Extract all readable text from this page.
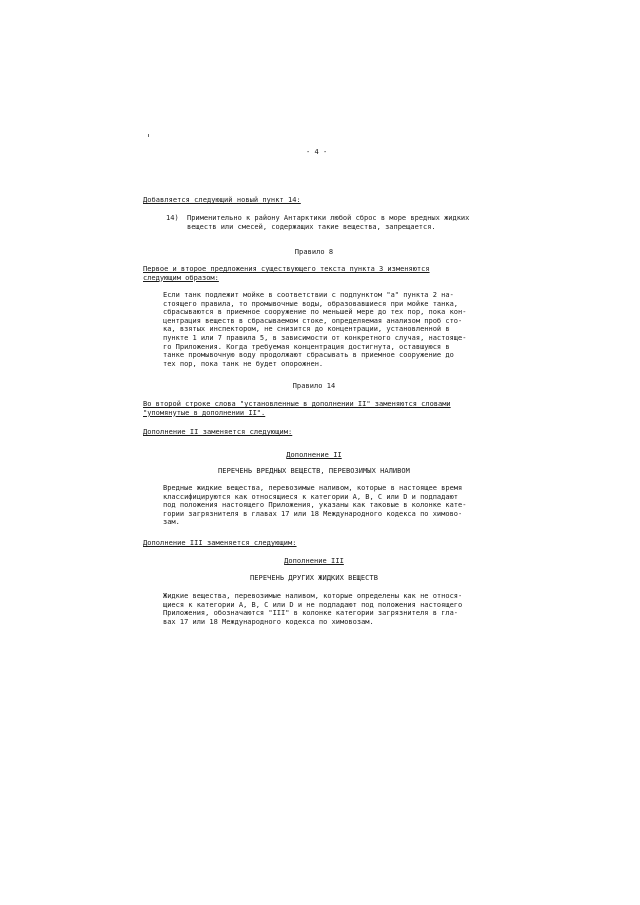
- 4 -
Добавляется следующий новый пункт 14:
14) Применительно к району Антарктики любой сброс в море вредных жидких
веществ или смесей, содержащих такие вещества, запрещается.
Правило 8
Первое и второе предложения существующего текста пункта 3 изменяются
следующим образом:
Если танк подлежит мойке в соответствии с подпунктом "а" пункта 2 на-
стоящего правила, то промывочные воды, образовавшиеся при мойке танка,
сбрасываются в приемное сооружение по меньшей мере до тех пор, пока кон-
центрация веществ в сбрасываемом стоке, определяемая анализом проб сто-
ка, взятых инспектором, не снизится до концентрации, установленной в
пункте 1 или 7 правила 5, в зависимости от конкретного случая, настояще-
го Приложения. Когда требуемая концентрация достигнута, оставшуюся в
танке промывочную воду продолжают сбрасывать в приемное сооружение до
тех пор, пока танк не будет опорожнен.
Правило 14
Во второй строке слова "установленные в дополнении II" заменяются словами
"упомянутые в дополнении II".
Дополнение II заменяется следующим:
Дополнение II
ПЕРЕЧЕНЬ ВРЕДНЫХ ВЕЩЕСТВ, ПЕРЕВОЗИМЫХ НАЛИВОМ
Вредные жидкие вещества, перевозимые наливом, которые в настоящее время
классифицируются как относящиеся к категории A, B, C или D и подпадают
под положения настоящего Приложения, указаны как таковые в колонке кате-
гории загрязнителя в главах 17 или 18 Международного кодекса по химово-
зам.
Дополнение III заменяется следующим:
Дополнение III
ПЕРЕЧЕНЬ ДРУГИХ ЖИДКИХ ВЕЩЕСТВ
Жидкие вещества, перевозимые наливом, которые определены как не относя-
щиеся к категории A, B, C или D и не подпадают под положения настоящего
Приложения, обозначаются "III" в колонке категории загрязнителя в гла-
вах 17 или 18 Международного кодекса по химовозам.
